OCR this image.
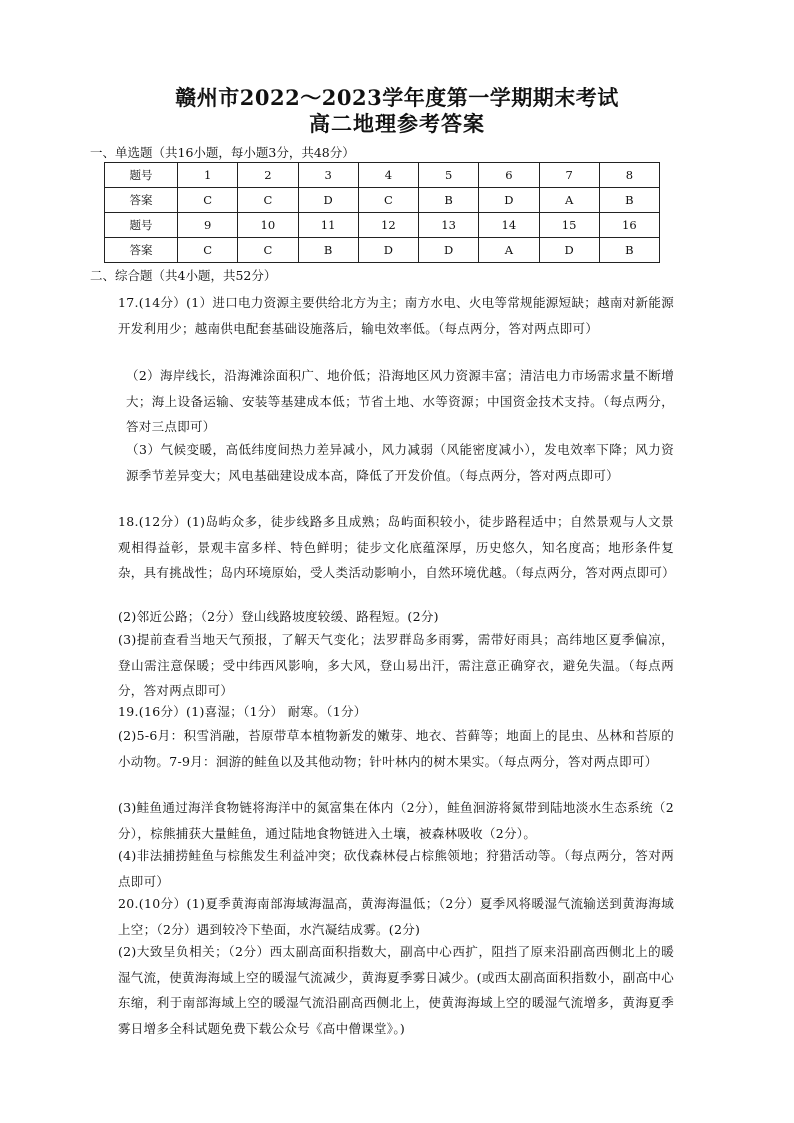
赣州市2022～2023学年度第一学期期末考试
高二地理参考答案
一、单选题（共16小题，每小题3分，共48分）
题号	1	2	3	4	5	6	7	8
答案	C	C	D	C	B	D	A	B
题号	9	10	11	12	13	14	15	16
答案	C	C	B	D	D	A	D	B
二、综合题（共4小题，共52分）
17.(14分）(1）进口电力资源主要供给北方为主；南方水电、火电等常规能源短缺；越南对新能源开发利用少；越南供电配套基础设施落后，输电效率低。（每点两分，答对两点即可）
（2）海岸线长，沿海滩涂面积广、地价低；沿海地区风力资源丰富；清洁电力市场需求量不断增大；海上设备运输、安装等基建成本低；节省土地、水等资源；中国资金技术支持。（每点两分，答对三点即可）
（3）气候变暖，高低纬度间热力差异减小，风力减弱（风能密度减小），发电效率下降；风力资源季节差异变大；风电基础建设成本高，降低了开发价值。（每点两分，答对两点即可）
18.(12分）(1)岛屿众多，徒步线路多且成熟；岛屿面积较小，徒步路程适中；自然景观与人文景观相得益彰，景观丰富多样、特色鲜明；徒步文化底蕴深厚，历史悠久，知名度高；地形条件复杂，具有挑战性；岛内环境原始，受人类活动影响小，自然环境优越。（每点两分，答对两点即可）
(2)邻近公路；（2分）登山线路坡度较缓、路程短。(2分)
(3)提前查看当地天气预报，了解天气变化；法罗群岛多雨雾，需带好雨具；高纬地区夏季偏凉，登山需注意保暖；受中纬西风影响，多大风，登山易出汗，需注意正确穿衣，避免失温。（每点两分，答对两点即可）
19.(16分）(1)喜湿；（1分） 耐寒。（1分）
(2)5-6月：积雪消融，苔原带草本植物新发的嫩芽、地衣、苔藓等；地面上的昆虫、丛林和苔原的小动物。7-9月：洄游的鲑鱼以及其他动物；针叶林内的树木果实。（每点两分，答对两点即可）
(3)鲑鱼通过海洋食物链将海洋中的氮富集在体内（2分），鲑鱼洄游将氮带到陆地淡水生态系统（2分），棕熊捕获大量鲑鱼，通过陆地食物链进入土壤，被森林吸收（2分）。
(4)非法捕捞鲑鱼与棕熊发生利益冲突；砍伐森林侵占棕熊领地；狩猎活动等。（每点两分，答对两点即可）
20.(10分）(1)夏季黄海南部海域海温高，黄海海温低；（2分）夏季风将暖湿气流输送到黄海海域上空；（2分）遇到较冷下垫面，水汽凝结成雾。(2分)
(2)大致呈负相关；（2分）西太副高面积指数大，副高中心西扩，阻挡了原来沿副高西侧北上的暖湿气流，使黄海海域上空的暖湿气流减少，黄海夏季雾日减少。(或西太副高面积指数小，副高中心东缩，利于南部海域上空的暖湿气流沿副高西侧北上，使黄海海域上空的暖湿气流增多，黄海夏季雾日增多全科试题免费下载公众号《高中僧课堂》。)
